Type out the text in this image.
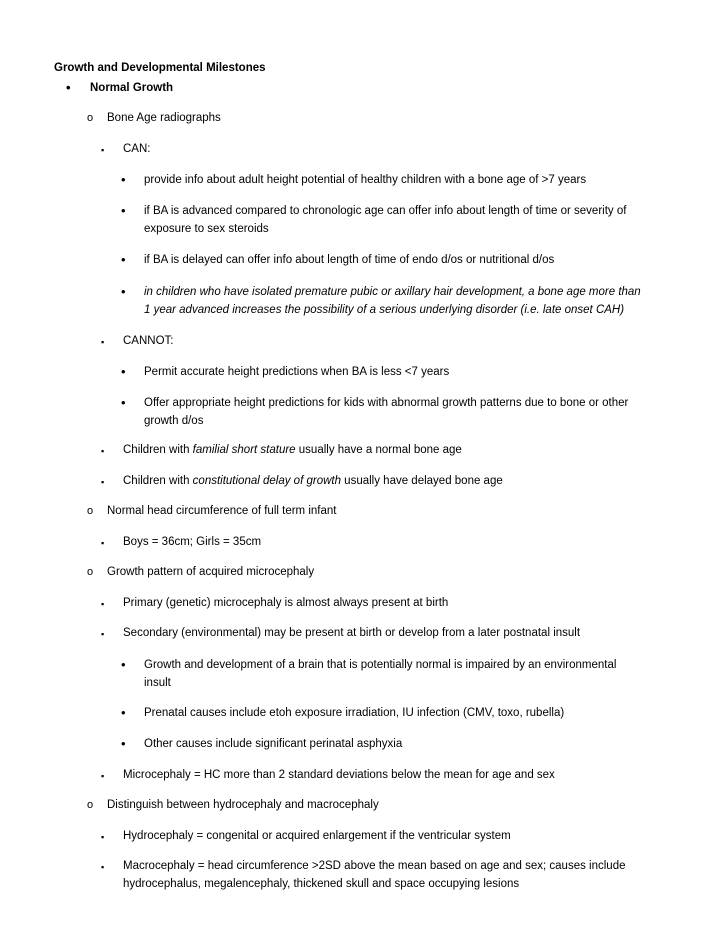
Growth and Developmental Milestones
• Normal Growth
o Bone Age radiographs
▪ CAN:
• provide info about adult height potential of healthy children with a bone age of >7 years
• if BA is advanced compared to chronologic age can offer info about length of time or severity of
exposure to sex steroids
• if BA is delayed can offer info about length of time of endo d/os or nutritional d/os
• in children who have isolated premature pubic or axillary hair development, a bone age more than
1 year advanced increases the possibility of a serious underlying disorder (i.e. late onset CAH)
▪ CANNOT:
• Permit accurate height predictions when BA is less <7 years
• Offer appropriate height predictions for kids with abnormal growth patterns due to bone or other
growth d/os
▪ Children with familial short stature usually have a normal bone age
▪ Children with constitutional delay of growth usually have delayed bone age
o Normal head circumference of full term infant
▪ Boys = 36cm; Girls = 35cm
o Growth pattern of acquired microcephaly
▪ Primary (genetic) microcephaly is almost always present at birth
▪ Secondary (environmental) may be present at birth or develop from a later postnatal insult
• Growth and development of a brain that is potentially normal is impaired by an environmental
insult
• Prenatal causes include etoh exposure irradiation, IU infection (CMV, toxo, rubella)
• Other causes include significant perinatal asphyxia
▪ Microcephaly = HC more than 2 standard deviations below the mean for age and sex
o Distinguish between hydrocephaly and macrocephaly
▪ Hydrocephaly = congenital or acquired enlargement if the ventricular system
▪ Macrocephaly = head circumference >2SD above the mean based on age and sex; causes include
hydrocephalus, megalencephaly, thickened skull and space occupying lesions
